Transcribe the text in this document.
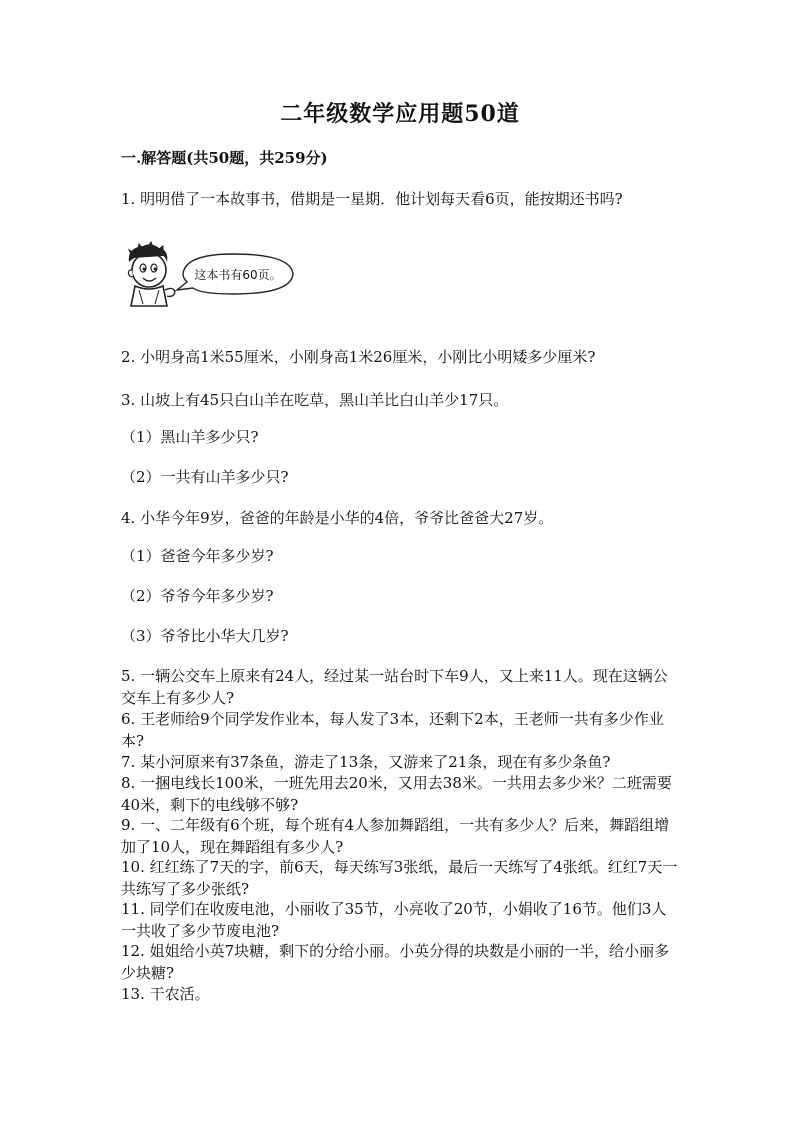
二年级数学应用题50道
一.解答题(共50题，共259分)
1. 明明借了一本故事书，借期是一星期．他计划每天看6页，能按期还书吗?
这本书有60页。
2. 小明身高1米55厘米，小刚身高1米26厘米，小刚比小明矮多少厘米?
3. 山坡上有45只白山羊在吃草，黑山羊比白山羊少17只。
（1）黑山羊多少只?
（2）一共有山羊多少只?
4. 小华今年9岁，爸爸的年龄是小华的4倍，爷爷比爸爸大27岁。
（1）爸爸今年多少岁?
（2）爷爷今年多少岁?
（3）爷爷比小华大几岁?
5. 一辆公交车上原来有24人，经过某一站台时下车9人，又上来11人。现在这辆公交车上有多少人?
6. 王老师给9个同学发作业本，每人发了3本，还剩下2本，王老师一共有多少作业本?
7. 某小河原来有37条鱼，游走了13条，又游来了21条，现在有多少条鱼?
8. 一捆电线长100米，一班先用去20米，又用去38米。一共用去多少米？二班需要40米，剩下的电线够不够?
9. 一、二年级有6个班，每个班有4人参加舞蹈组，一共有多少人？后来，舞蹈组增加了10人，现在舞蹈组有多少人?
10. 红红练了7天的字，前6天，每天练写3张纸，最后一天练写了4张纸。红红7天一共练写了多少张纸?
11. 同学们在收废电池，小丽收了35节，小亮收了20节，小娟收了16节。他们3人一共收了多少节废电池?
12. 姐姐给小英7块糖，剩下的分给小丽。小英分得的块数是小丽的一半，给小丽多少块糖?
13. 干农活。
